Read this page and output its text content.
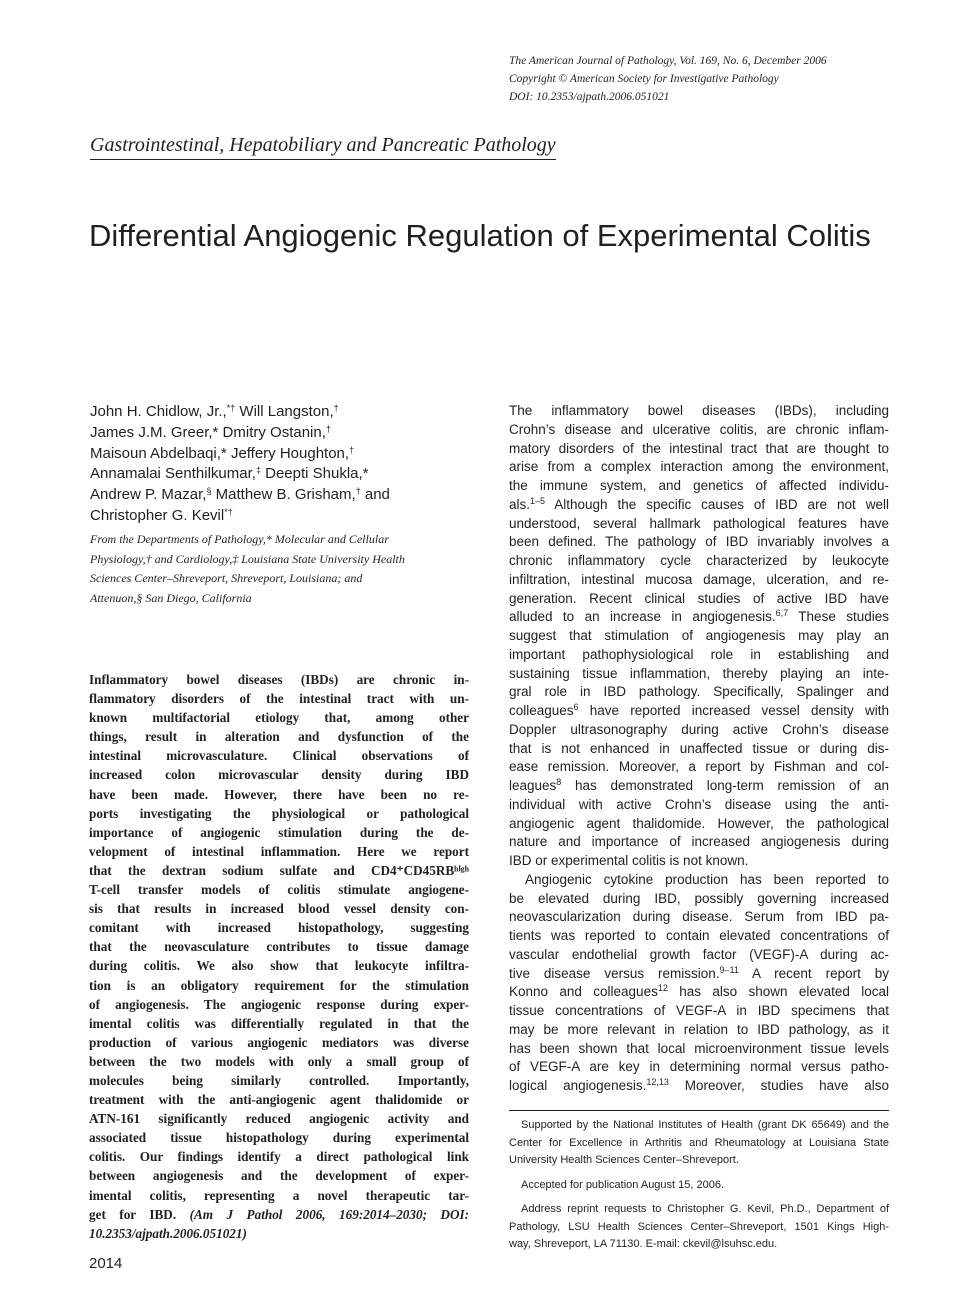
The American Journal of Pathology, Vol. 169, No. 6, December 2006
Copyright © American Society for Investigative Pathology
DOI: 10.2353/ajpath.2006.051021
Gastrointestinal, Hepatobiliary and Pancreatic Pathology
Differential Angiogenic Regulation of Experimental Colitis
John H. Chidlow, Jr.,*† Will Langston,†
James J.M. Greer,* Dmitry Ostanin,†
Maisoun Abdelbaqi,* Jeffery Houghton,†
Annamalai Senthilkumar,‡ Deepti Shukla,*
Andrew P. Mazar,§ Matthew B. Grisham,† and
Christopher G. Kevil*†
From the Departments of Pathology,* Molecular and Cellular
Physiology,† and Cardiology,‡ Louisiana State University Health
Sciences Center–Shreveport, Shreveport, Louisiana; and
Attenuon,§ San Diego, California
Inflammatory bowel diseases (IBDs) are chronic in-
flammatory disorders of the intestinal tract with un-
known multifactorial etiology that, among other
things, result in alteration and dysfunction of the
intestinal microvasculature. Clinical observations of
increased colon microvascular density during IBD
have been made. However, there have been no re-
ports investigating the physiological or pathological
importance of angiogenic stimulation during the de-
velopment of intestinal inflammation. Here we report
that the dextran sodium sulfate and CD4⁺CD45RBʰⁱᵍʰ
T-cell transfer models of colitis stimulate angiogene-
sis that results in increased blood vessel density con-
comitant with increased histopathology, suggesting
that the neovasculature contributes to tissue damage
during colitis. We also show that leukocyte infiltra-
tion is an obligatory requirement for the stimulation
of angiogenesis. The angiogenic response during exper-
imental colitis was differentially regulated in that the
production of various angiogenic mediators was diverse
between the two models with only a small group of
molecules being similarly controlled. Importantly,
treatment with the anti-angiogenic agent thalidomide or
ATN-161 significantly reduced angiogenic activity and
associated tissue histopathology during experimental
colitis. Our findings identify a direct pathological link
between angiogenesis and the development of exper-
imental colitis, representing a novel therapeutic tar-
get for IBD. (Am J Pathol 2006, 169:2014–2030; DOI:
10.2353/ajpath.2006.051021)
The inflammatory bowel diseases (IBDs), including
Crohn’s disease and ulcerative colitis, are chronic inflam-
matory disorders of the intestinal tract that are thought to
arise from a complex interaction among the environment,
the immune system, and genetics of affected individu-
als.$^{1-5}$ Although the specific causes of IBD are not well
understood, several hallmark pathological features have
been defined. The pathology of IBD invariably involves a
chronic inflammatory cycle characterized by leukocyte
infiltration, intestinal mucosa damage, ulceration, and re-
generation. Recent clinical studies of active IBD have
alluded to an increase in angiogenesis.$^{6,7}$ These studies
suggest that stimulation of angiogenesis may play an
important pathophysiological role in establishing and
sustaining tissue inflammation, thereby playing an inte-
gral role in IBD pathology. Specifically, Spalinger and
colleagues$^6$ have reported increased vessel density with
Doppler ultrasonography during active Crohn’s disease
that is not enhanced in unaffected tissue or during dis-
ease remission. Moreover, a report by Fishman and col-
leagues$^8$ has demonstrated long-term remission of an
individual with active Crohn’s disease using the anti-
angiogenic agent thalidomide. However, the pathological
nature and importance of increased angiogenesis during
IBD or experimental colitis is not known.
Angiogenic cytokine production has been reported to
be elevated during IBD, possibly governing increased
neovascularization during disease. Serum from IBD pa-
tients was reported to contain elevated concentrations of
vascular endothelial growth factor (VEGF)-A during ac-
tive disease versus remission.$^{9-11}$ A recent report by
Konno and colleagues$^{12}$ has also shown elevated local
tissue concentrations of VEGF-A in IBD specimens that
may be more relevant in relation to IBD pathology, as it
has been shown that local microenvironment tissue levels
of VEGF-A are key in determining normal versus patho-
logical angiogenesis.$^{12,13}$ Moreover, studies have also
Supported by the National Institutes of Health (grant DK 65649) and the
Center for Excellence in Arthritis and Rheumatology at Louisiana State
University Health Sciences Center–Shreveport.
Accepted for publication August 15, 2006.
Address reprint requests to Christopher G. Kevil, Ph.D., Department of
Pathology, LSU Health Sciences Center–Shreveport, 1501 Kings High-
way, Shreveport, LA 71130. E-mail: ckevil@lsuhsc.edu.
2014
